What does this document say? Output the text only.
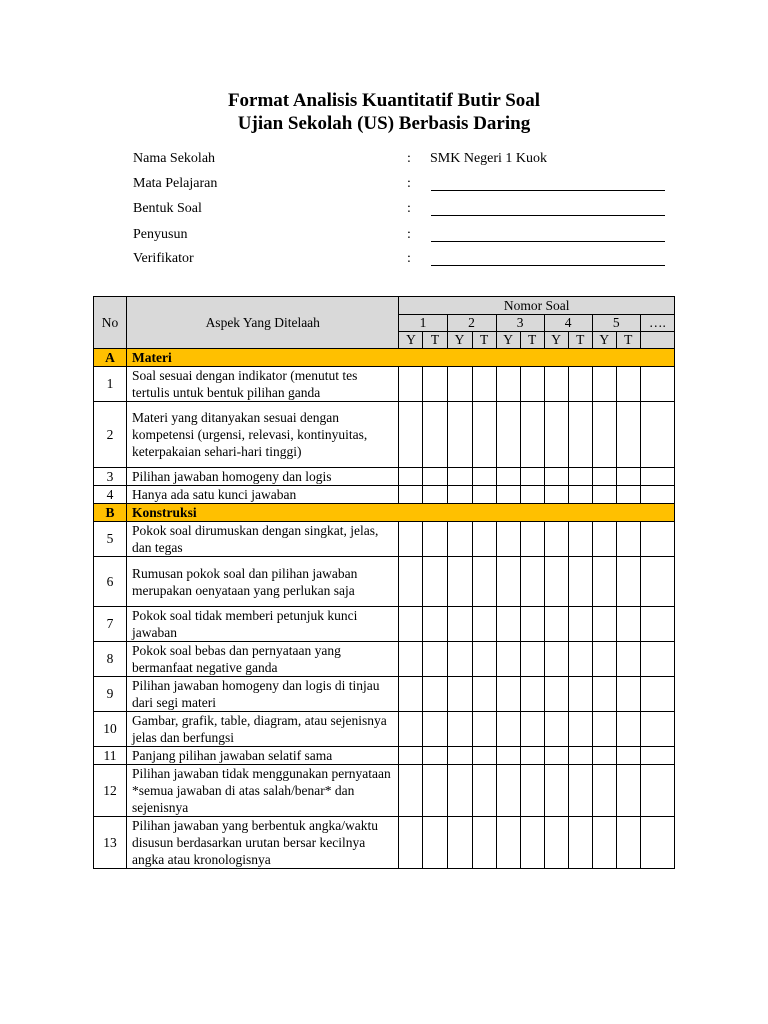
Format Analisis Kuantitatif Butir Soal
Ujian Sekolah (US) Berbasis Daring
Nama Sekolah	: SMK Negeri 1 Kuok
Mata Pelajaran	:
Bentuk Soal	:
Penyusun	:
Verifikator	:
No	Aspek Yang Ditelaah	Nomor Soal										
		1		2		3		4		5		….
		Y	T	Y	T	Y	T	Y	T	Y	T	
A	Materi											
1	Soal sesuai dengan indikator (menutut tes tertulis untuk bentuk pilihan ganda											
2	Materi yang ditanyakan sesuai dengan kompetensi (urgensi, relevasi, kontinyuitas, keterpakaian sehari-hari tinggi)											
3	Pilihan jawaban homogeny dan logis											
4	Hanya ada satu kunci jawaban											
B	Konstruksi											
5	Pokok soal dirumuskan dengan singkat, jelas, dan tegas											
6	Rumusan pokok soal dan pilihan jawaban merupakan oenyataan yang perlukan saja											
7	Pokok soal tidak memberi petunjuk kunci jawaban											
8	Pokok soal bebas dan pernyataan yang bermanfaat negative ganda											
9	Pilihan jawaban homogeny dan logis di tinjau dari segi materi											
10	Gambar, grafik, table, diagram, atau sejenisnya jelas dan berfungsi											
11	Panjang pilihan jawaban selatif sama											
12	Pilihan jawaban tidak menggunakan pernyataan *semua jawaban di atas salah/benar* dan sejenisnya											
13	Pilihan jawaban yang berbentuk angka/waktu disusun berdasarkan urutan bersar kecilnya angka atau kronologisnya											
